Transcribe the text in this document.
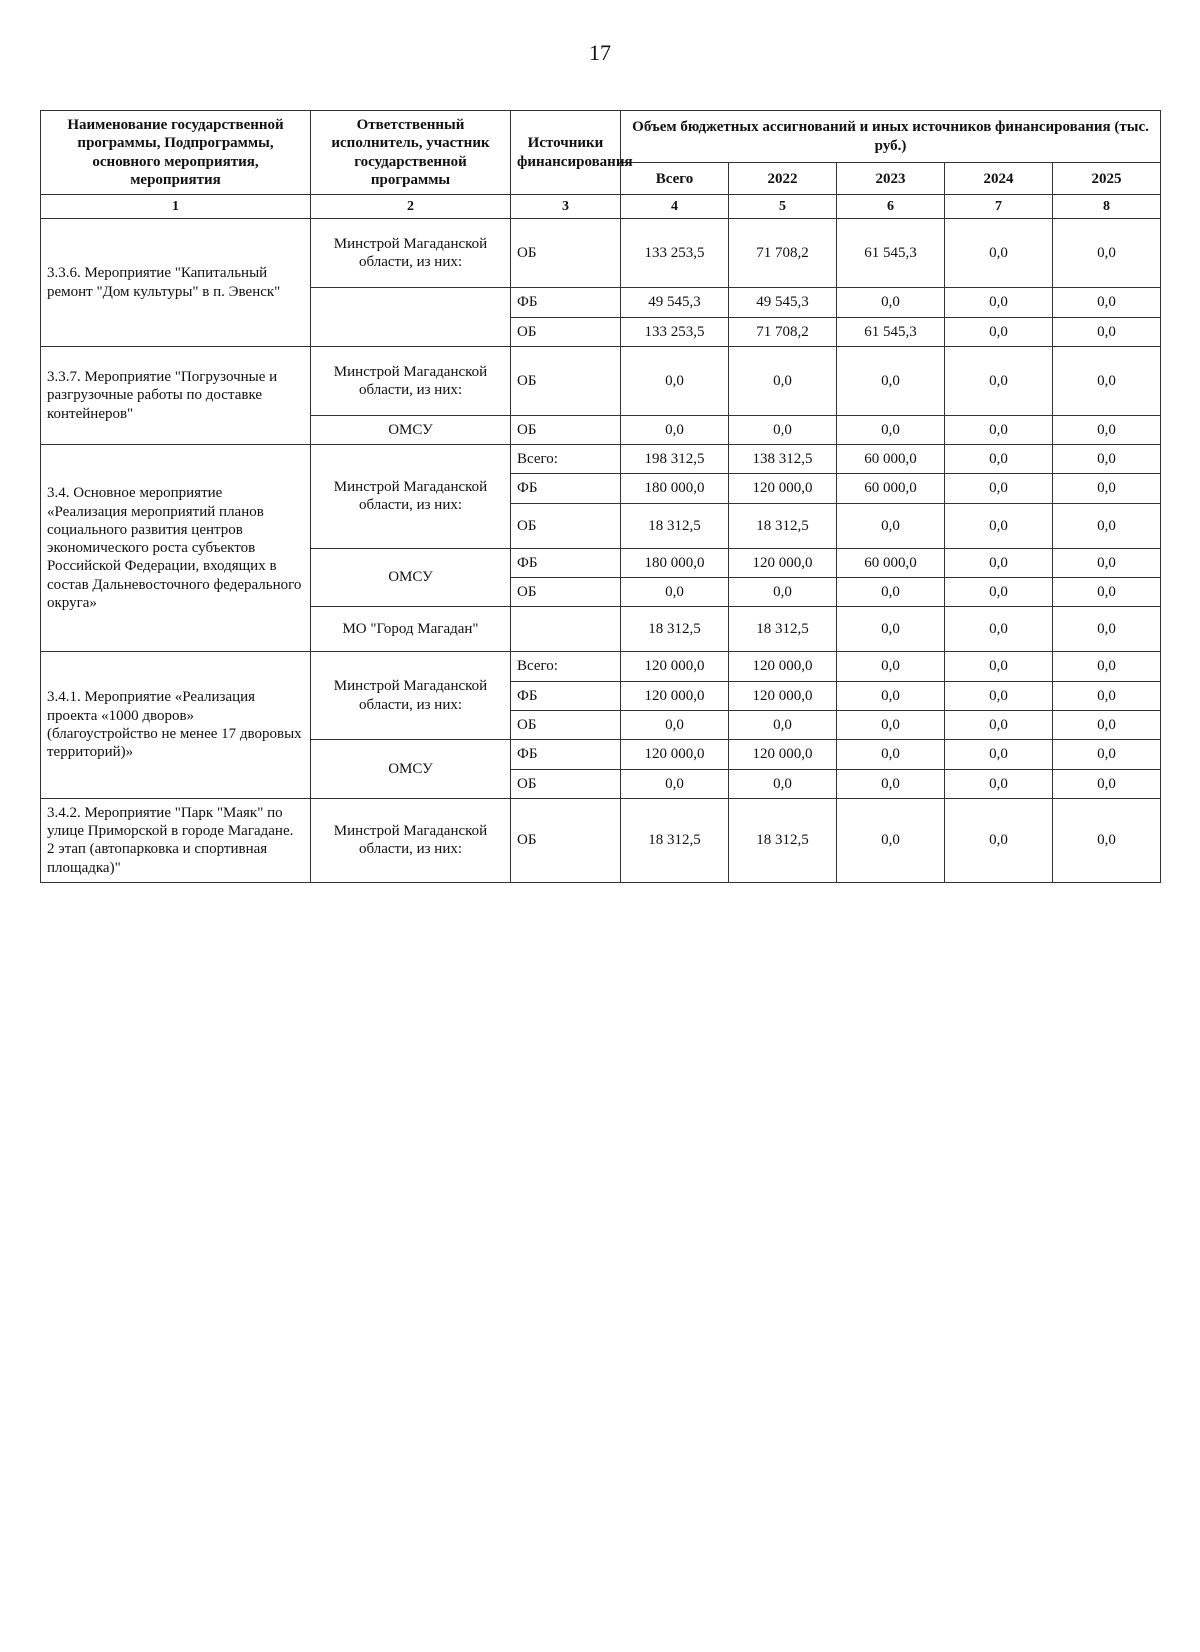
17
Наименование государственной программы, Подпрограммы, основного мероприятия, мероприятия	Ответственный исполнитель, участник государственной программы	Источники финансирования	Объем бюджетных ассигнований и иных источников финансирования (тыс. руб.)				
			Всего	2022	2023	2024	2025
1	2	3	4	5	6	7	8
3.3.6. Мероприятие "Капитальный ремонт "Дом культуры" в п. Эвенск"	Минстрой Магаданской области, из них:	ОБ	133 253,5	71 708,2	61 545,3	0,0	0,0
		ФБ	49 545,3	49 545,3	0,0	0,0	0,0
		ОБ	133 253,5	71 708,2	61 545,3	0,0	0,0
3.3.7. Мероприятие "Погрузочные и разгрузочные работы по доставке контейнеров"	Минстрой Магаданской области, из них:	ОБ	0,0	0,0	0,0	0,0	0,0
	ОМСУ	ОБ	0,0	0,0	0,0	0,0	0,0
3.4. Основное мероприятие «Реализация мероприятий планов социального развития центров экономического роста субъектов Российской Федерации, входящих в состав Дальневосточного федерального округа»	Минстрой Магаданской области, из них:	Всего:	198 312,5	138 312,5	60 000,0	0,0	0,0
		ФБ	180 000,0	120 000,0	60 000,0	0,0	0,0
		ОБ	18 312,5	18 312,5	0,0	0,0	0,0
	ОМСУ	ФБ	180 000,0	120 000,0	60 000,0	0,0	0,0
		ОБ	0,0	0,0	0,0	0,0	0,0
	МО "Город Магадан"		18 312,5	18 312,5	0,0	0,0	0,0
3.4.1. Мероприятие «Реализация проекта «1000 дворов» (благоустройство не менее 17 дворовых территорий)»	Минстрой Магаданской области, из них:	Всего:	120 000,0	120 000,0	0,0	0,0	0,0
		ФБ	120 000,0	120 000,0	0,0	0,0	0,0
		ОБ	0,0	0,0	0,0	0,0	0,0
	ОМСУ	ФБ	120 000,0	120 000,0	0,0	0,0	0,0
		ОБ	0,0	0,0	0,0	0,0	0,0
3.4.2. Мероприятие "Парк "Маяк" по улице Приморской в городе Магадане. 2 этап (автопарковка и спортивная площадка)"	Минстрой Магаданской области, из них:	ОБ	18 312,5	18 312,5	0,0	0,0	0,0
